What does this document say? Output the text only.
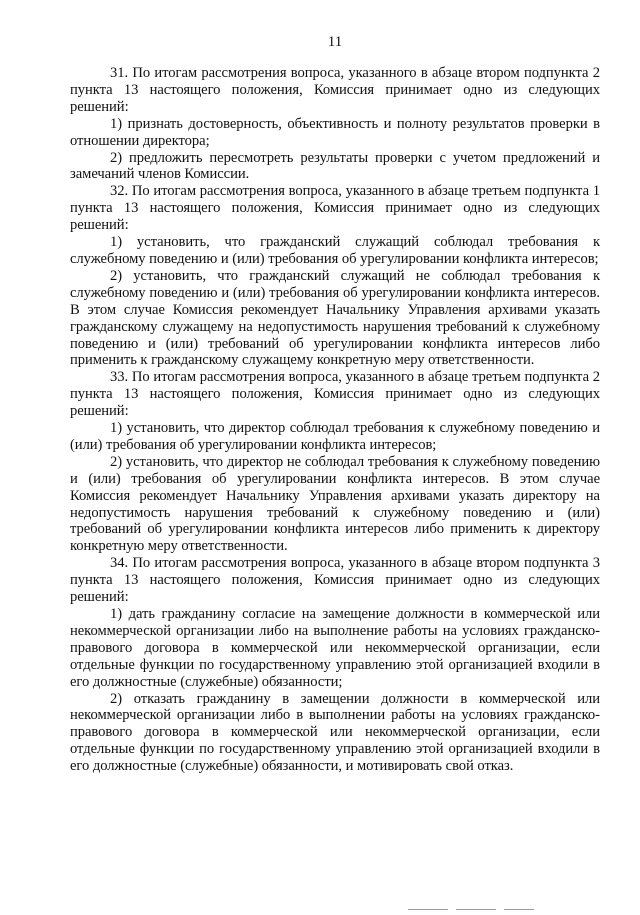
11

31. По итогам рассмотрения вопроса, указанного в абзаце втором подпункта 2 пункта 13 настоящего положения, Комиссия принимает одно из следующих решений:

1) признать достоверность, объективность и полноту результатов проверки в отношении директора;

2) предложить пересмотреть результаты проверки с учетом предложений и замечаний членов Комиссии.

32. По итогам рассмотрения вопроса, указанного в абзаце третьем подпункта 1 пункта 13 настоящего положения, Комиссия принимает одно из следующих решений:

1) установить, что гражданский служащий соблюдал требования к служебному поведению и (или) требования об урегулировании конфликта интересов;

2) установить, что гражданский служащий не соблюдал требования к служебному поведению и (или) требования об урегулировании конфликта интересов. В этом случае Комиссия рекомендует Начальнику Управления архивами указать гражданскому служащему на недопустимость нарушения требований к служебному поведению и (или) требований об урегулировании конфликта интересов либо применить к гражданскому служащему конкретную меру ответственности.

33. По итогам рассмотрения вопроса, указанного в абзаце третьем подпункта 2 пункта 13 настоящего положения, Комиссия принимает одно из следующих решений:

1) установить, что директор соблюдал требования к служебному поведению и (или) требования об урегулировании конфликта интересов;

2) установить, что директор не соблюдал требования к служебному поведению и (или) требования об урегулировании конфликта интересов. В этом случае Комиссия рекомендует Начальнику Управления архивами указать директору на недопустимость нарушения требований к служебному поведению и (или) требований об урегулировании конфликта интересов либо применить к директору конкретную меру ответственности.

34. По итогам рассмотрения вопроса, указанного в абзаце втором подпункта 3 пункта 13 настоящего положения, Комиссия принимает одно из следующих решений:

1) дать гражданину согласие на замещение должности в коммерческой или некоммерческой организации либо на выполнение работы на условиях гражданско-правового договора в коммерческой или некоммерческой организации, если отдельные функции по государственному управлению этой организацией входили в его должностные (служебные) обязанности;

2) отказать гражданину в замещении должности в коммерческой или некоммерческой организации либо в выполнении работы на условиях гражданско-правового договора в коммерческой или некоммерческой организации, если отдельные функции по государственному управлению этой организацией входили в его должностные (служебные) обязанности, и мотивировать свой отказ.
